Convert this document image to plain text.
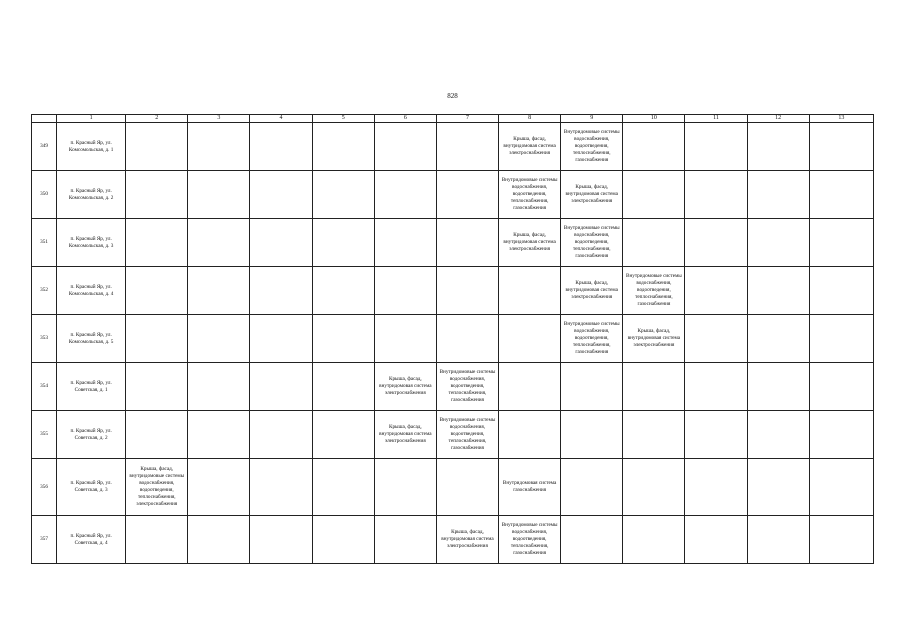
828
	1	2	3	4	5	6	7	8	9	10	11	12	13
349	п. Красный Яр, ул. Комсомольская, д. 1							Крыша, фасад, внутридомовая система электроснабжения	Внутридомовые системы водоснабжения, водоотведения, теплоснабжения, газоснабжения				
350	п. Красный Яр, ул. Комсомольская, д. 2							Внутридомовые системы водоснабжения, водоотведения, теплоснабжения, газоснабжения	Крыша, фасад, внутридомовая система электроснабжения				
351	п. Красный Яр, ул. Комсомольская, д. 3							Крыша, фасад, внутридомовая система электроснабжения	Внутридомовые системы водоснабжения, водоотведения, теплоснабжения, газоснабжения				
352	п. Красный Яр, ул. Комсомольская, д. 4								Крыша, фасад, внутридомовая система электроснабжения	Внутридомовые системы водоснабжения, водоотведения, теплоснабжения, газоснабжения			
353	п. Красный Яр, ул. Комсомольская, д. 5								Внутридомовые системы водоснабжения, водоотведения, теплоснабжения, газоснабжения	Крыша, фасад, внутридомовая система электроснабжения			
354	п. Красный Яр, ул. Советская, д. 1					Крыша, фасад, внутридомовая система электроснабжения	Внутридомовые системы водоснабжения, водоотведения, теплоснабжения, газоснабжения						
355	п. Красный Яр, ул. Советская, д. 2					Крыша, фасад, внутридомовая система электроснабжения	Внутридомовые системы водоснабжения, водоотведения, теплоснабжения, газоснабжения						
356	п. Красный Яр, ул. Советская, д. 3	Крыша, фасад, внутридомовые системы водоснабжения, водоотведения, теплоснабжения, электроснабжения						Внутридомовая система газоснабжения					
357	п. Красный Яр, ул. Советская, д. 4						Крыша, фасад, внутридомовая система электроснабжения	Внутридомовые системы водоснабжения, водоотведения, теплоснабжения, газоснабжения					
